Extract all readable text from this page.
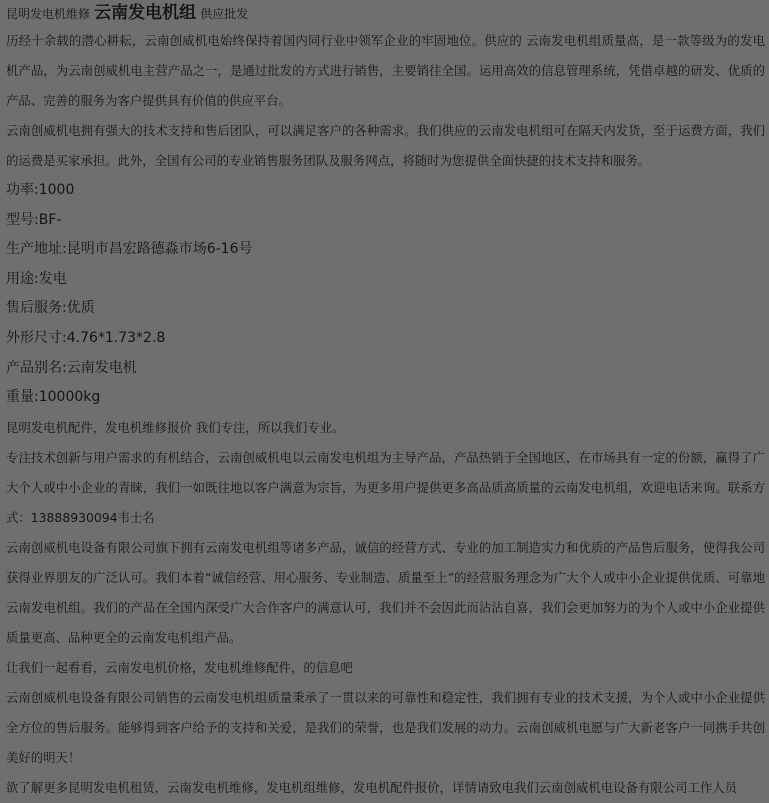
昆明发电机维修 云南发电机组 供应批发

历经十余载的潜心耕耘，云南创威机电始终保持着国内同行业中领军企业的牢固地位。供应的 云南发电机组质量高，是一款等级为的发电机产品，为云南创威机电主营产品之一，是通过批发的方式进行销售，主要销往全国。运用高效的信息管理系统，凭借卓越的研发、优质的产品、完善的服务为客户提供具有价值的供应平台。

云南创威机电拥有强大的技术支持和售后团队，可以满足客户的各种需求。我们供应的云南发电机组可在隔天内发货，至于运费方面，我们的运费是买家承担。此外，全国有公司的专业销售服务团队及服务网点，将随时为您提供全面快捷的技术支持和服务。

功率:1000

型号:BF-

生产地址:昆明市昌宏路德淼市场6-16号

用途:发电

售后服务:优质

外形尺寸:4.76*1.73*2.8

产品别名:云南发电机

重量:10000kg

昆明发电机配件，发电机维修报价 我们专注，所以我们专业。

专注技术创新与用户需求的有机结合，云南创威机电以云南发电机组为主导产品，产品热销于全国地区，在市场具有一定的份额，赢得了广大个人或中小企业的青睐，我们一如既往地以客户满意为宗旨，为更多用户提供更多高品质高质量的云南发电机组，欢迎电话来询。联系方式：13888930094韦士名

云南创威机电设备有限公司旗下拥有云南发电机组等诸多产品，诚信的经营方式、专业的加工制造实力和优质的产品售后服务，使得我公司获得业界朋友的广泛认可。我们本着“诚信经营、用心服务、专业制造、质量至上”的经营服务理念为广大个人或中小企业提供优质、可靠地云南发电机组。我们的产品在全国内深受广大合作客户的满意认可，我们并不会因此而沾沾自喜，我们会更加努力的为个人或中小企业提供质量更高、品种更全的云南发电机组产品。

让我们一起看看，云南发电机价格，发电机维修配件，的信息吧

云南创威机电设备有限公司销售的云南发电机组质量秉承了一贯以来的可靠性和稳定性，我们拥有专业的技术支援，为个人或中小企业提供全方位的售后服务。能够得到客户给予的支持和关爱，是我们的荣誉，也是我们发展的动力。云南创威机电愿与广大新老客户一同携手共创美好的明天！

欲了解更多昆明发电机租赁，云南发电机维修，发电机组维修，发电机配件报价，详情请致电我们云南创威机电设备有限公司工作人员
